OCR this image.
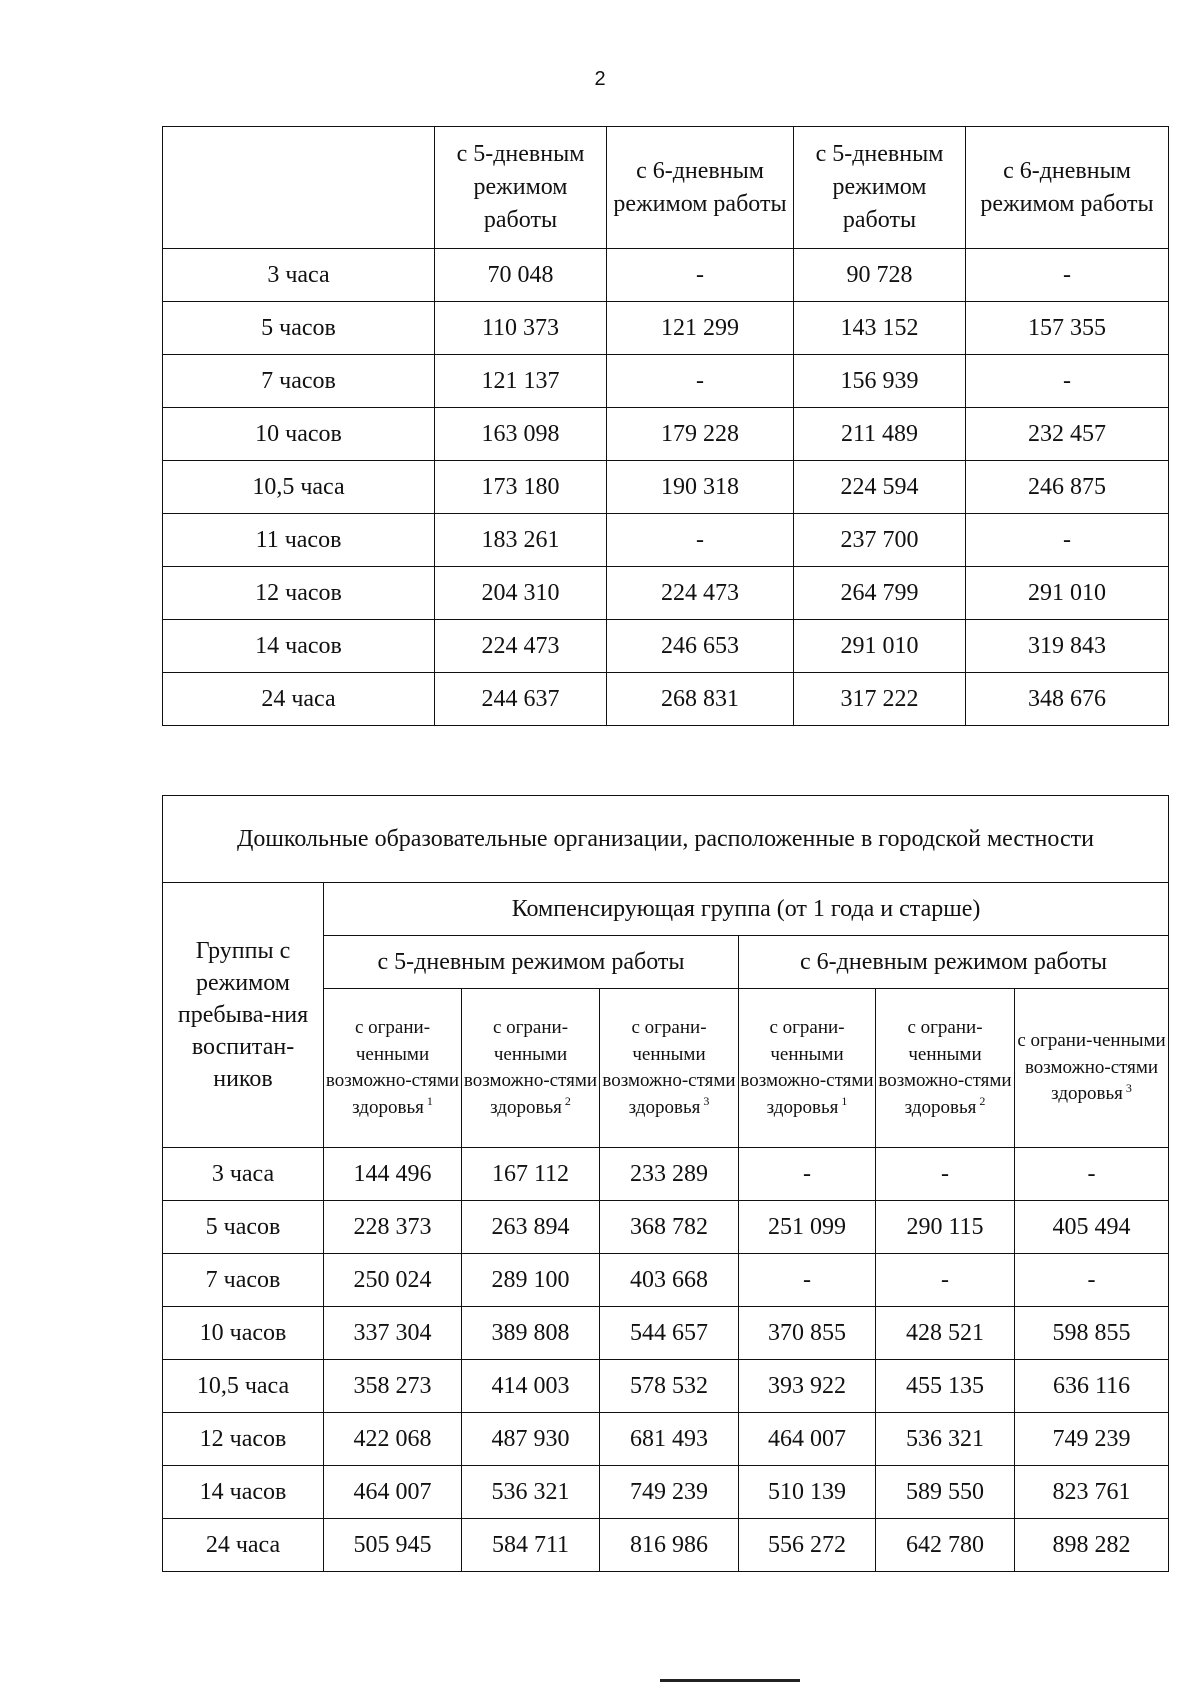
2
	с 5-дневным режимом работы	с 6-дневным режимом работы	с 5-дневным режимом работы	с 6-дневным режимом работы
3 часа	70 048	-	90 728	-
5 часов	110 373	121 299	143 152	157 355
7 часов	121 137	-	156 939	-
10 часов	163 098	179 228	211 489	232 457
10,5 часа	173 180	190 318	224 594	246 875
11 часов	183 261	-	237 700	-
12 часов	204 310	224 473	264 799	291 010
14 часов	224 473	246 653	291 010	319 843
24 часа	244 637	268 831	317 222	348 676
Дошкольные образовательные организации, расположенные в городской местности						
Группы с режимом пребыва-ния воспитан-ников	Компенсирующая группа (от 1 года и старше)					
	с 5-дневным режимом работы			с 6-дневным режимом работы		
	с ограни-ченными возможно-стями здоровья $^1$	с ограни-ченными возможно-стями здоровья $^2$	с ограни-ченными возможно-стями здоровья $^3$	с ограни-ченными возможно-стями здоровья $^1$	с ограни-ченными возможно-стями здоровья $^2$	с ограни-ченными возможно-стями здоровья $^3$
3 часа	144 496	167 112	233 289	-	-	-
5 часов	228 373	263 894	368 782	251 099	290 115	405 494
7 часов	250 024	289 100	403 668	-	-	-
10 часов	337 304	389 808	544 657	370 855	428 521	598 855
10,5 часа	358 273	414 003	578 532	393 922	455 135	636 116
12 часов	422 068	487 930	681 493	464 007	536 321	749 239
14 часов	464 007	536 321	749 239	510 139	589 550	823 761
24 часа	505 945	584 711	816 986	556 272	642 780	898 282
